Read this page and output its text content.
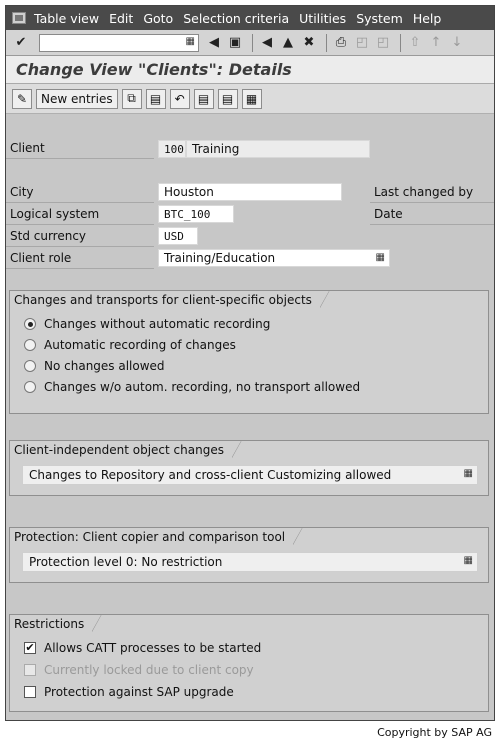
Table view Edit Goto Selection criteria Utilities System Help
✔	▦	◀ ▣	◀ ▲ ✖ ⎙ ◰ ◰ ⇧ ↑ ↓
Change View "Clients": Details
✎	New entries	⧉	▤	↶	▤	▤	▦
Client	100 Training
City	Houston	Last changed by
Logical system	BTC_100	Date
Std currency	USD
Client role	Training/Education	▦
Changes and transports for client-specific objects
Changes without automatic recording
Automatic recording of changes
No changes allowed
Changes w/o autom. recording, no transport allowed
Client-independent object changes
Changes to Repository and cross-client Customizing allowed	▦
Protection: Client copier and comparison tool
Protection level 0: No restriction	▦
Restrictions
✔ Allows CATT processes to be started
Currently locked due to client copy
Protection against SAP upgrade
Copyright by SAP AG
